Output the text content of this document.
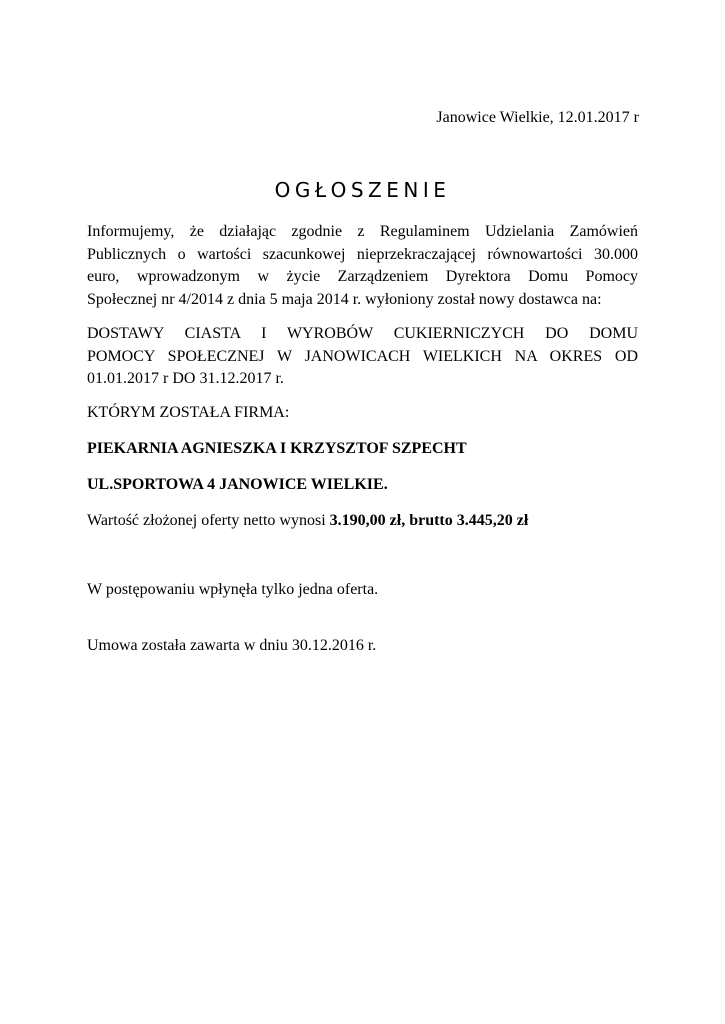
Janowice Wielkie, 12.01.2017 r
OGŁOSZENIE
Informujemy, że działając zgodnie z Regulaminem Udzielania Zamówień
Publicznych o wartości szacunkowej nieprzekraczającej równowartości 30.000
euro, wprowadzonym w życie Zarządzeniem Dyrektora Domu Pomocy
Społecznej nr 4/2014 z dnia 5 maja 2014 r. wyłoniony został nowy dostawca na:
DOSTAWY CIASTA I WYROBÓW CUKIERNICZYCH DO DOMU
POMOCY SPOŁECZNEJ W JANOWICACH WIELKICH NA OKRES OD
01.01.2017 r DO 31.12.2017 r.
KTÓRYM ZOSTAŁA FIRMA:
PIEKARNIA AGNIESZKA I KRZYSZTOF SZPECHT
UL.SPORTOWA 4 JANOWICE WIELKIE.
Wartość złożonej oferty netto wynosi 3.190,00 zł, brutto 3.445,20 zł
W postępowaniu wpłynęła tylko jedna oferta.
Umowa została zawarta w dniu 30.12.2016 r.
